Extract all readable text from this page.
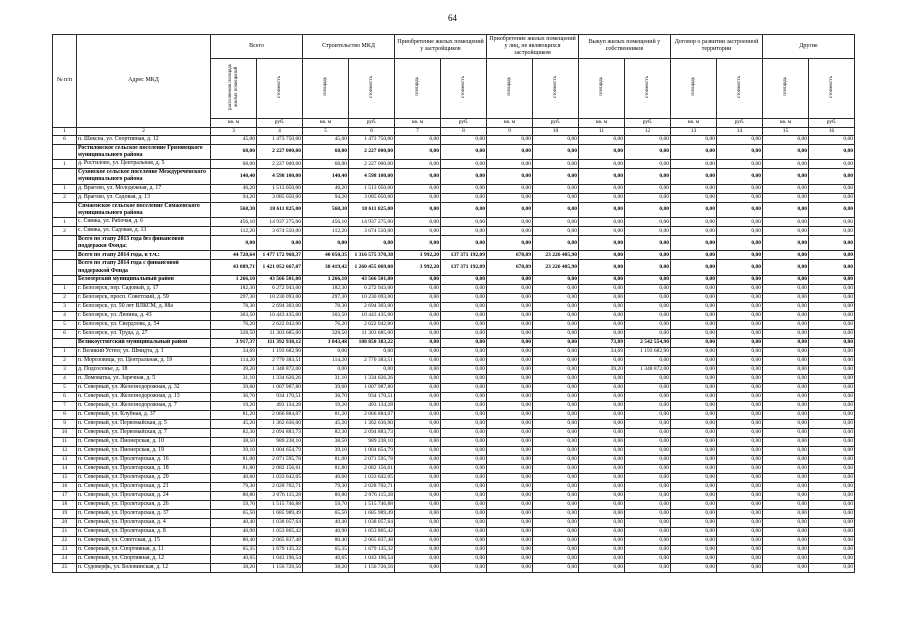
64
№ п/п	Адрес МКД	Всего		Строительство МКД		Приобретение жилых помещений у застройщиков		Приобретение жилых помещений у лиц, не являющихся застройщиком		Выкуп жилых помещений у собственников		Договор о развитии застроенной территории		Другие	
		расселяемая площадь жилых помещений	стоимость	площадь	стоимость	площадь	стоимость	площадь	стоимость	площадь	стоимость	площадь	стоимость	площадь	стоимость
		кв. м	руб.	кв. м	руб.	кв. м	руб.	кв. м	руб.	кв. м	руб.	кв. м	руб.	кв. м	руб.
1	2	3	4	5	6	7	8	9	10	11	12	13	14	15	16
6	п. Шексна, ул. Спортивная, д. 12	45,00	1 473 750,00	45,00	1 473 750,00	0,00	0,00	0,00	0,00	0,00	0,00	0,00	0,00	0,00	0,00
	Ростиловское сельское поселение Грязовецкого муниципального района	68,00	2 227 000,00	68,00	2 227 000,00	0,00	0,00	0,00	0,00	0,00	0,00	0,00	0,00	0,00	0,00
1	д. Ростилово, ул. Центральная, д. 5	68,00	2 227 000,00	68,00	2 227 000,00	0,00	0,00	0,00	0,00	0,00	0,00	0,00	0,00	0,00	0,00
	Сухонское сельское поселение Междуреченского муниципального района	140,40	4 598 100,00	140,40	4 598 100,00	0,00	0,00	0,00	0,00	0,00	0,00	0,00	0,00	0,00	0,00
1	д. Врагово, ул. Молодежная, д. 17	46,20	1 513 050,00	46,20	1 513 050,00	0,00	0,00	0,00	0,00	0,00	0,00	0,00	0,00	0,00	0,00
2	д. Врагово, ул. Садовая, д. 13	94,20	3 085 050,00	94,20	3 085 050,00	0,00	0,00	0,00	0,00	0,00	0,00	0,00	0,00	0,00	0,00
	Сямженское сельское поселение Сямженского муниципального района	568,30	18 611 825,00	568,30	18 611 825,00	0,00	0,00	0,00	0,00	0,00	0,00	0,00	0,00	0,00	0,00
1	с. Сямжа, ул. Рабочая, д. 6	456,10	14 937 275,00	456,10	14 937 275,00	0,00	0,00	0,00	0,00	0,00	0,00	0,00	0,00	0,00	0,00
2	с. Сямжа, ул. Садовая, д. 13	112,20	3 674 550,00	112,20	3 674 550,00	0,00	0,00	0,00	0,00	0,00	0,00	0,00	0,00	0,00	0,00
	Всего по этапу 2013 года без финансовой поддержки Фонда:	0,00	0,00	0,00	0,00	0,00	0,00	0,00	0,00	0,00	0,00	0,00	0,00	0,00	0,00
	Всего по этапу 2014 года, в т.ч.:	44 720,64	1 477 172 968,37	40 050,35	1 316 575 370,38	3 992,20	137 371 192,09	678,09	23 226 405,90	0,00	0,00	0,00	0,00	0,00	0,00
	Всего по этапу 2014 года с финансовой поддержкой Фонда	43 089,71	1 421 052 667,07	38 419,42	1 260 455 069,08	3 992,20	137 371 192,09	678,09	23 226 405,90	0,00	0,00	0,00	0,00	0,00	0,00
	Белозерский муниципальный район	1 266,10	43 566 501,00	1 266,10	43 566 501,00	0,00	0,00	0,00	0,00	0,00	0,00	0,00	0,00	0,00	0,00
1	г. Белозерск, пер. Садовый, д. 17	182,30	6 272 943,00	182,30	6 272 943,00	0,00	0,00	0,00	0,00	0,00	0,00	0,00	0,00	0,00	0,00
2	г. Белозерск, просп. Советский, д. 59	297,30	10 230 093,00	297,30	10 230 093,00	0,00	0,00	0,00	0,00	0,00	0,00	0,00	0,00	0,00	0,00
3	г. Белозерск, ул. 50 лет ВЛКСМ, д. 88а	78,30	2 694 303,00	78,30	2 694 303,00	0,00	0,00	0,00	0,00	0,00	0,00	0,00	0,00	0,00	0,00
4	г. Белозерск, ул. Ленина, д. 43	303,50	10 443 435,00	303,50	10 443 435,00	0,00	0,00	0,00	0,00	0,00	0,00	0,00	0,00	0,00	0,00
5	г. Белозерск, ул. Свердлова, д. 54	76,20	2 622 042,00	76,20	2 622 042,00	0,00	0,00	0,00	0,00	0,00	0,00	0,00	0,00	0,00	0,00
6	г. Белозерск, ул. Труда, д. 27	328,50	11 303 685,00	328,50	11 303 685,00	0,00	0,00	0,00	0,00	0,00	0,00	0,00	0,00	0,00	0,00
	Великоустюгский муниципальный район	3 917,37	111 392 938,12	3 843,48	108 850 383,22	0,00	0,00	0,00	0,00	73,89	2 542 554,90	0,00	0,00	0,00	0,00
1	г. Великий Устюг, ул. Шмидта, д. 1	34,69	1 193 682,90	0,00	0,00	0,00	0,00	0,00	0,00	34,69	1 193 682,90	0,00	0,00	0,00	0,00
2	п. Морозовица, ул. Центральная, д. 19	114,20	2 770 383,51	114,20	2 770 383,51	0,00	0,00	0,00	0,00	0,00	0,00	0,00	0,00	0,00	0,00
3	д. Подсосенье, д. 18	39,20	1 348 872,00	0,00	0,00	0,00	0,00	0,00	0,00	39,20	1 348 872,00	0,00	0,00	0,00	0,00
4	п. Ломоватка, ул. Заречная, д. 5	31,10	1 334 626,26	31,10	1 334 626,26	0,00	0,00	0,00	0,00	0,00	0,00	0,00	0,00	0,00	0,00
5	п. Северный, ул. Железнодорожная, д. 32	39,60	1 007 987,80	39,60	1 007 987,80	0,00	0,00	0,00	0,00	0,00	0,00	0,00	0,00	0,00	0,00
6	п. Северный, ул. Железнодорожная, д. 13	36,70	934 170,51	36,70	934 170,51	0,00	0,00	0,00	0,00	0,00	0,00	0,00	0,00	0,00	0,00
7	п. Северный, ул. Железнодорожная, д. 7	19,20	493 134,28	19,20	493 134,28	0,00	0,00	0,00	0,00	0,00	0,00	0,00	0,00	0,00	0,00
8	п. Северный, ул. Клубная, д. 37	81,20	2 066 884,07	81,20	2 066 884,07	0,00	0,00	0,00	0,00	0,00	0,00	0,00	0,00	0,00	0,00
9	п. Северный, ул. Первомайская, д. 5	45,20	1 362 636,00	45,20	1 362 636,00	0,00	0,00	0,00	0,00	0,00	0,00	0,00	0,00	0,00	0,00
10	п. Северный, ул. Первомайская, д. 7	82,30	2 094 883,73	82,30	2 094 883,73	0,00	0,00	0,00	0,00	0,00	0,00	0,00	0,00	0,00	0,00
11	п. Северный, ул. Пионерская, д. 10	38,50	989 238,10	38,50	989 238,10	0,00	0,00	0,00	0,00	0,00	0,00	0,00	0,00	0,00	0,00
12	п. Северный, ул. Пионерская, д. 19	39,10	1 004 654,79	39,10	1 004 654,79	0,00	0,00	0,00	0,00	0,00	0,00	0,00	0,00	0,00	0,00
13	п. Северный, ул. Пролетарская, д. 16	81,00	2 071 595,78	81,00	2 071 595,78	0,00	0,00	0,00	0,00	0,00	0,00	0,00	0,00	0,00	0,00
14	п. Северный, ул. Пролетарская, д. 18	81,80	2 082 156,61	81,80	2 082 156,61	0,00	0,00	0,00	0,00	0,00	0,00	0,00	0,00	0,00	0,00
15	п. Северный, ул. Пролетарская, д. 20	40,60	1 033 642,05	40,60	1 033 642,05	0,00	0,00	0,00	0,00	0,00	0,00	0,00	0,00	0,00	0,00
16	п. Северный, ул. Пролетарская, д. 21	79,30	2 028 702,71	79,30	2 028 702,71	0,00	0,00	0,00	0,00	0,00	0,00	0,00	0,00	0,00	0,00
17	п. Северный, ул. Пролетарская, д. 24	80,80	2 076 115,28	80,80	2 076 115,28	0,00	0,00	0,00	0,00	0,00	0,00	0,00	0,00	0,00	0,00
18	п. Северный, ул. Пролетарская, д. 26	59,70	1 515 746,88	59,70	1 515 746,88	0,00	0,00	0,00	0,00	0,00	0,00	0,00	0,00	0,00	0,00
19	п. Северный, ул. Пролетарская, д. 37	65,50	1 685 989,49	65,50	1 685 989,49	0,00	0,00	0,00	0,00	0,00	0,00	0,00	0,00	0,00	0,00
20	п. Северный, ул. Пролетарская, д. 4	40,40	1 038 057,64	40,40	1 038 057,64	0,00	0,00	0,00	0,00	0,00	0,00	0,00	0,00	0,00	0,00
21	п. Северный, ул. Пролетарская, д. 8	40,90	1 053 805,42	40,90	1 053 805,42	0,00	0,00	0,00	0,00	0,00	0,00	0,00	0,00	0,00	0,00
22	п. Северный, ул. Советская, д. 15	80,40	2 065 837,48	80,40	2 065 837,48	0,00	0,00	0,00	0,00	0,00	0,00	0,00	0,00	0,00	0,00
23	п. Северный, ул. Спортивная, д. 11	65,35	1 679 135,32	65,35	1 679 135,32	0,00	0,00	0,00	0,00	0,00	0,00	0,00	0,00	0,00	0,00
24	п. Северный, ул. Спортивная, д. 12	40,65	1 043 196,54	40,65	1 043 196,54	0,00	0,00	0,00	0,00	0,00	0,00	0,00	0,00	0,00	0,00
25	п. Судоверфь, ул. Боловинская, д. 12	38,20	1 156 726,56	38,20	1 156 726,56	0,00	0,00	0,00	0,00	0,00	0,00	0,00	0,00	0,00	0,00
